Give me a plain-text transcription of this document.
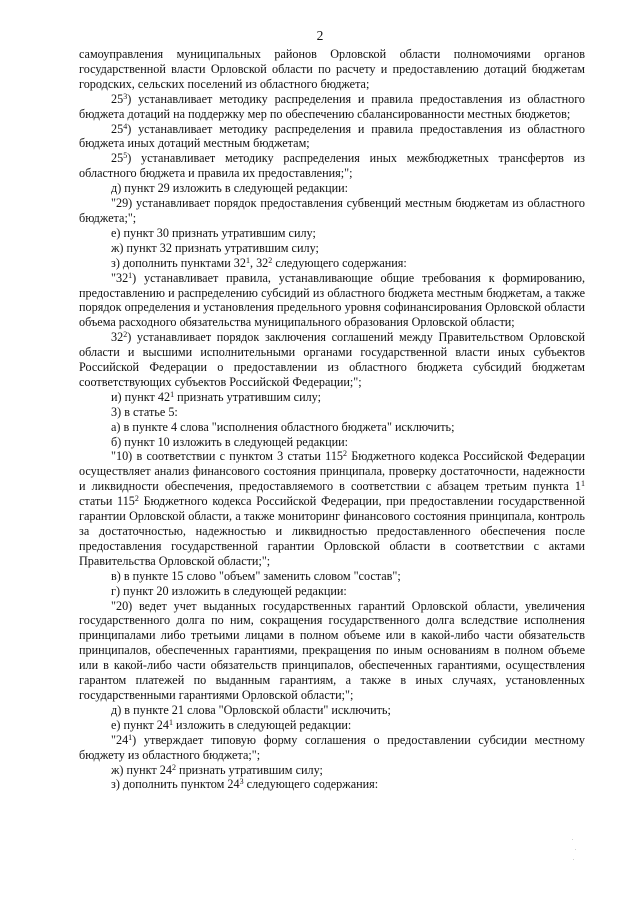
2

самоуправления муниципальных районов Орловской области полномочиями органов государственной власти Орловской области по расчету и предоставлению дотаций бюджетам городских, сельских поселений из областного бюджета;

$25^3$) устанавливает методику распределения и правила предоставления из областного бюджета дотаций на поддержку мер по обеспечению сбалансированности местных бюджетов;

$25^4$) устанавливает методику распределения и правила предоставления из областного бюджета иных дотаций местным бюджетам;

$25^5$) устанавливает методику распределения иных межбюджетных трансфертов из областного бюджета и правила их предоставления;";

д) пункт 29 изложить в следующей редакции:

"29) устанавливает порядок предоставления субвенций местным бюджетам из областного бюджета;";

е) пункт 30 признать утратившим силу;

ж) пункт 32 признать утратившим силу;

з) дополнить пунктами $32^1$, $32^2$ следующего содержания:

"$32^1$) устанавливает правила, устанавливающие общие требования к формированию, предоставлению и распределению субсидий из областного бюджета местным бюджетам, а также порядок определения и установления предельного уровня софинансирования Орловской области объема расходного обязательства муниципального образования Орловской области;

$32^2$) устанавливает порядок заключения соглашений между Правительством Орловской области и высшими исполнительными органами государственной власти иных субъектов Российской Федерации о предоставлении из областного бюджета субсидий бюджетам соответствующих субъектов Российской Федерации;";

и) пункт $42^1$ признать утратившим силу;

3) в статье 5:

а) в пункте 4 слова "исполнения областного бюджета" исключить;

б) пункт 10 изложить в следующей редакции:

"10) в соответствии с пунктом 3 статьи $115^2$ Бюджетного кодекса Российской Федерации осуществляет анализ финансового состояния принципала, проверку достаточности, надежности и ликвидности обеспечения, предоставляемого в соответствии с абзацем третьим пункта $1^1$ статьи $115^2$ Бюджетного кодекса Российской Федерации, при предоставлении государственной гарантии Орловской области, а также мониторинг финансового состояния принципала, контроль за достаточностью, надежностью и ликвидностью предоставленного обеспечения после предоставления государственной гарантии Орловской области в соответствии с актами Правительства Орловской области;";

в) в пункте 15 слово "объем" заменить словом "состав";

г) пункт 20 изложить в следующей редакции:

"20) ведет учет выданных государственных гарантий Орловской области, увеличения государственного долга по ним, сокращения государственного долга вследствие исполнения принципалами либо третьими лицами в полном объеме или в какой-либо части обязательств принципалов, обеспеченных гарантиями, прекращения по иным основаниям в полном объеме или в какой-либо части обязательств принципалов, обеспеченных гарантиями, осуществления гарантом платежей по выданным гарантиям, а также в иных случаях, установленных государственными гарантиями Орловской области;";

д) в пункте 21 слова "Орловской области" исключить;

е) пункт $24^1$ изложить в следующей редакции:

"$24^1$) утверждает типовую форму соглашения о предоставлении субсидии местному бюджету из областного бюджета;";

ж) пункт $24^2$ признать утратившим силу;

з) дополнить пунктом $24^3$ следующего содержания:
